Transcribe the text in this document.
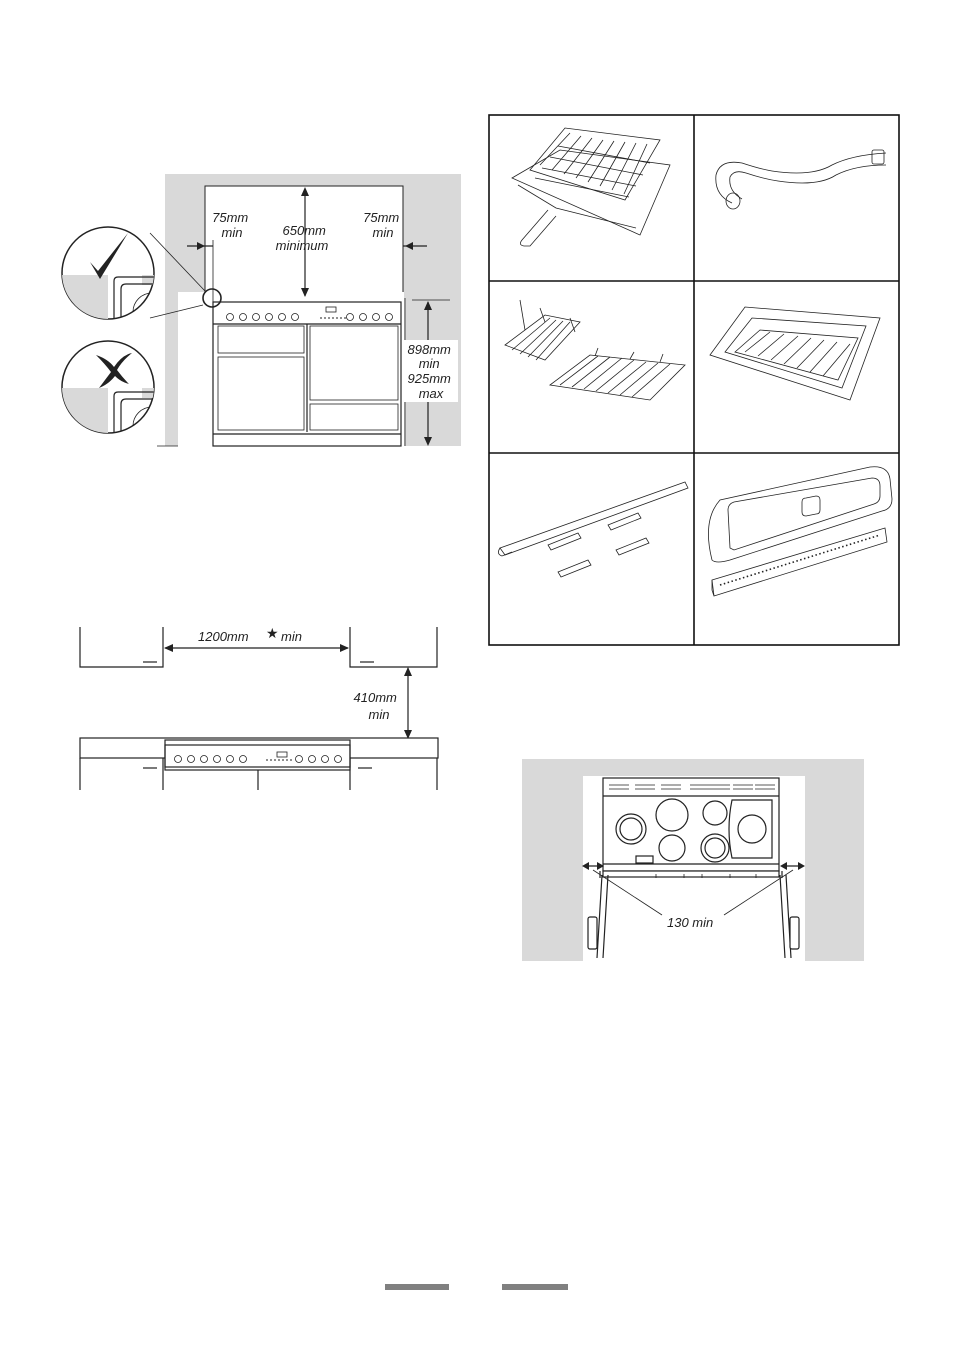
75mm min	650mm minimum
75mm min
898mm min 925mm max
1200mm ★ min
410mm min
130 min
